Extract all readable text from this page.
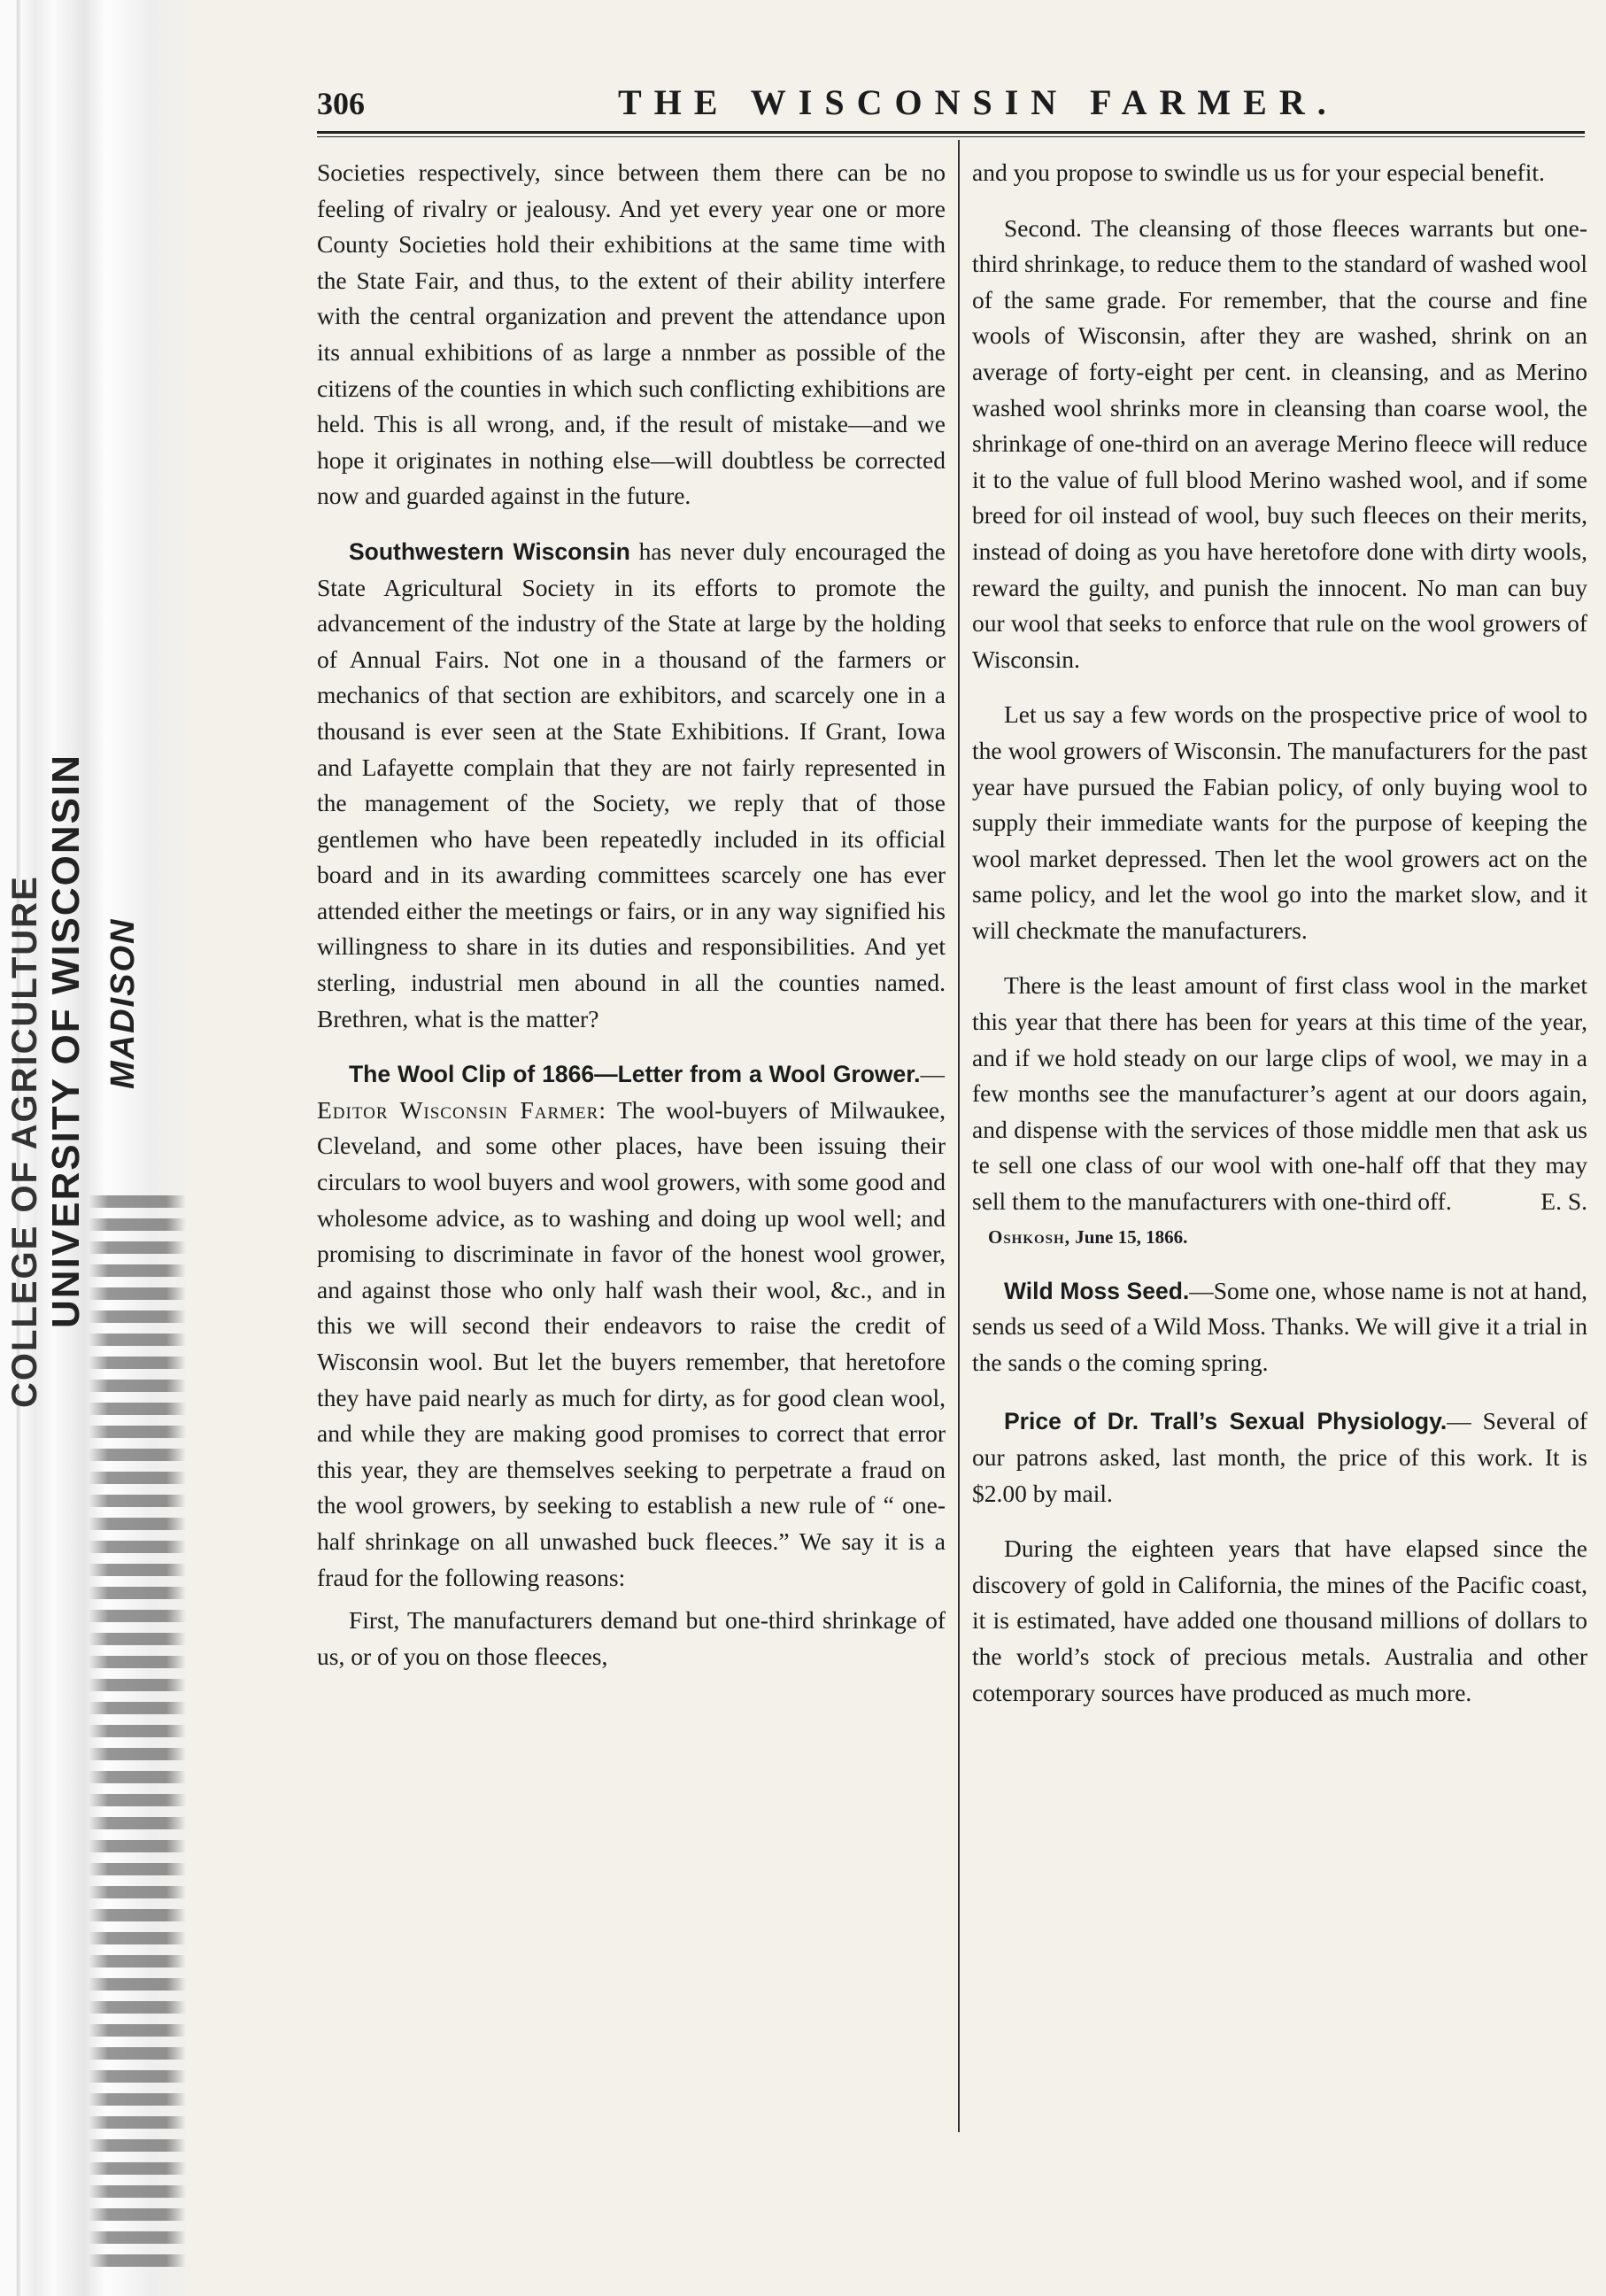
UNIVERSITY OF WISCONSIN
COLLEGE OF AGRICULTURE MADISON
306	THE WISCONSIN FARMER.

Societies respectively, since between them there can be no feeling of rivalry or jealousy. And yet every year one or more County Societies hold their exhibitions at the same time with the State Fair, and thus, to the extent of their ability interfere with the central organization and prevent the attendance upon its annual exhibitions of as large a nnmber as possible of the citizens of the counties in which such conflicting exhibitions are held. This is all wrong, and, if the result of mistake—and we hope it originates in nothing else—will doubtless be corrected now and guarded against in the future.

Southwestern Wisconsin has never duly encouraged the State Agricultural Society in its efforts to promote the advancement of the industry of the State at large by the holding of Annual Fairs. Not one in a thousand of the farmers or mechanics of that section are exhibitors, and scarcely one in a thousand is ever seen at the State Exhibitions. If Grant, Iowa and Lafayette complain that they are not fairly represented in the management of the Society, we reply that of those gentlemen who have been repeatedly included in its official board and in its awarding committees scarcely one has ever attended either the meetings or fairs, or in any way signified his willingness to share in its duties and responsibilities. And yet sterling, industrial men abound in all the counties named. Brethren, what is the matter?

The Wool Clip of 1866—Letter from a Wool Grower.—Editor Wisconsin Farmer: The wool-buyers of Milwaukee, Cleveland, and some other places, have been issuing their circulars to wool buyers and wool growers, with some good and wholesome advice, as to washing and doing up wool well; and promising to discriminate in favor of the honest wool grower, and against those who only half wash their wool, &c., and in this we will second their endeavors to raise the credit of Wisconsin wool. But let the buyers remember, that heretofore they have paid nearly as much for dirty, as for good clean wool, and while they are making good promises to correct that error this year, they are themselves seeking to perpetrate a fraud on the wool growers, by seeking to establish a new rule of “ one-half shrinkage on all unwashed buck fleeces.” We say it is a fraud for the following reasons:

First, The manufacturers demand but one-third shrinkage of us, or of you on those fleeces,

and you propose to swindle us us for your especial benefit.

Second. The cleansing of those fleeces warrants but one-third shrinkage, to reduce them to the standard of washed wool of the same grade. For remember, that the course and fine wools of Wisconsin, after they are washed, shrink on an average of forty-eight per cent. in cleansing, and as Merino washed wool shrinks more in cleansing than coarse wool, the shrinkage of one-third on an average Merino fleece will reduce it to the value of full blood Merino washed wool, and if some breed for oil instead of wool, buy such fleeces on their merits, instead of doing as you have heretofore done with dirty wools, reward the guilty, and punish the innocent. No man can buy our wool that seeks to enforce that rule on the wool growers of Wisconsin.

Let us say a few words on the prospective price of wool to the wool growers of Wisconsin. The manufacturers for the past year have pursued the Fabian policy, of only buying wool to supply their immediate wants for the purpose of keeping the wool market depressed. Then let the wool growers act on the same policy, and let the wool go into the market slow, and it will checkmate the manufacturers.

There is the least amount of first class wool in the market this year that there has been for years at this time of the year, and if we hold steady on our large clips of wool, we may in a few months see the manufacturer’s agent at our doors again, and dispense with the services of those middle men that ask us te sell one class of our wool with one-half off that they may sell them to the manufacturers with one-third off.	E. S.

Oshkosh, June 15, 1866.

Wild Moss Seed.—Some one, whose name is not at hand, sends us seed of a Wild Moss. Thanks. We will give it a trial in the sands o the coming spring.

Price of Dr. Trall’s Sexual Physiology.— Several of our patrons asked, last month, the price of this work. It is $2.00 by mail.

During the eighteen years that have elapsed since the discovery of gold in California, the mines of the Pacific coast, it is estimated, have added one thousand millions of dollars to the world’s stock of precious metals. Australia and other cotemporary sources have produced as much more.
